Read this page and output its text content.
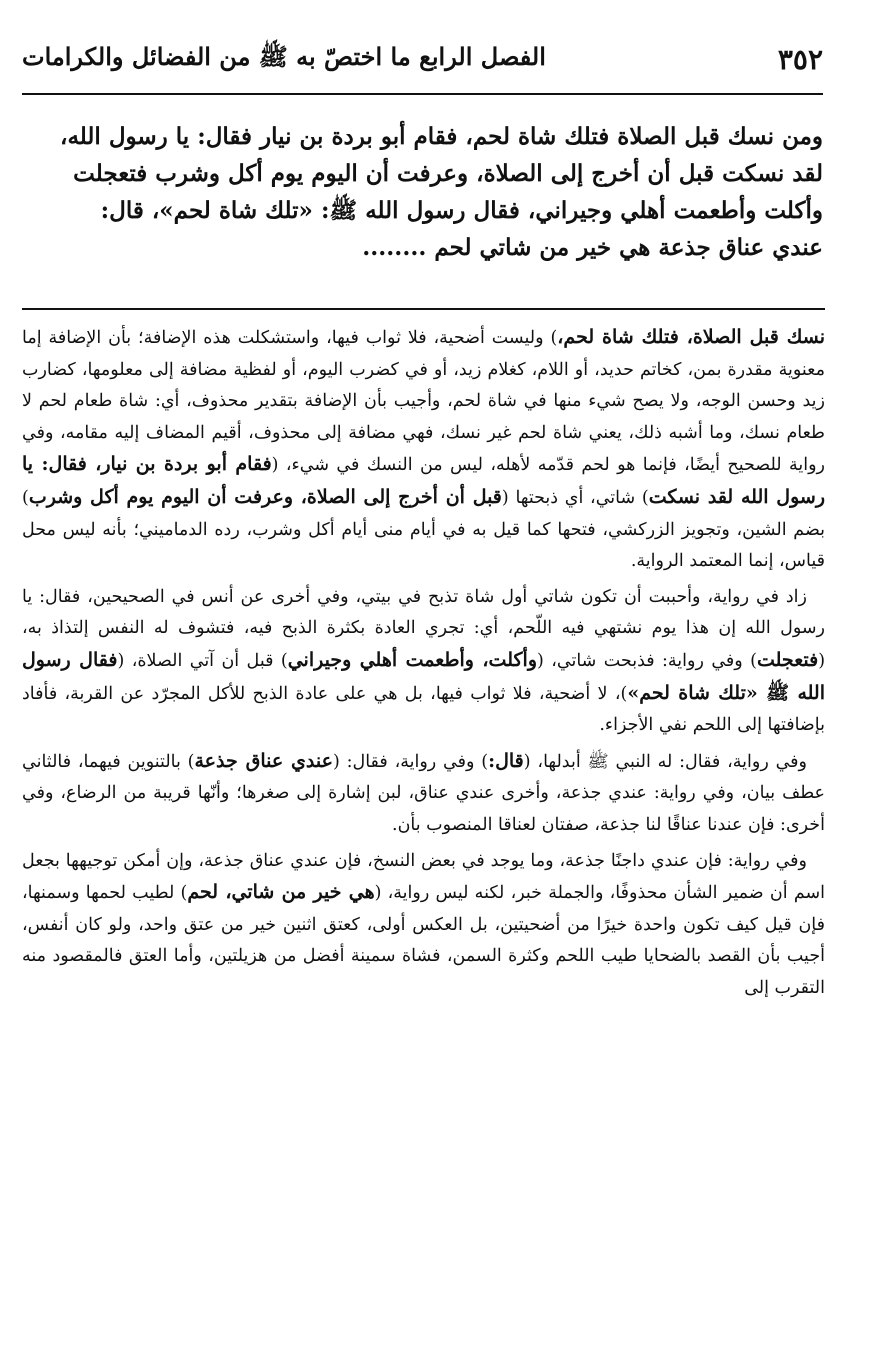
٣٥٢
الفصل الرابع ما اختصّ به ﷺ من الفضائل والكرامات
ومن نسك قبل الصلاة فتلك شاة لحم، فقام أبو بردة بن نيار فقال: يا رسول الله،
لقد نسكت قبل أن أخرج إلى الصلاة، وعرفت أن اليوم يوم أكل وشرب فتعجلت
وأكلت وأطعمت أهلي وجيراني، فقال رسول الله ﷺ: «تلك شاة لحم»، قال:
عندي عناق جذعة هي خير من شاتي لحم ........

نسك قبل الصلاة، فتلك شاة لحم،) وليست أضحية، فلا ثواب فيها، واستشكلت هذه الإضافة؛ بأن الإضافة إما معنوية مقدرة بمن، كخاتم حديد، أو اللام، كغلام زيد، أو في كضرب اليوم، أو لفظية مضافة إلى معلومها، كضارب زيد وحسن الوجه، ولا يصح شيء منها في شاة لحم، وأجيب بأن الإضافة بتقدير محذوف، أي: شاة طعام لحم لا طعام نسك، وما أشبه ذلك، يعني شاة لحم غير نسك، فهي مضافة إلى محذوف، أقيم المضاف إليه مقامه، وفي رواية للصحيح أيضًا، فإنما هو لحم قدّمه لأهله، ليس من النسك في شيء، (فقام أبو بردة بن نيار، فقال: يا رسول الله لقد نسكت) شاتي، أي ذبحتها (قبل أن أخرج إلى الصلاة، وعرفت أن اليوم يوم أكل وشرب) بضم الشين، وتجويز الزركشي، فتحها كما قيل به في أيام منى أيام أكل وشرب، رده الدماميني؛ بأنه ليس محل قياس، إنما المعتمد الرواية.

زاد في رواية، وأحببت أن تكون شاتي أول شاة تذبح في بيتي، وفي أخرى عن أنس في الصحيحين، فقال: يا رسول الله إن هذا يوم نشتهي فيه اللّحم، أي: تجري العادة بكثرة الذبح فيه، فتشوف له النفس إلتذاذ به، (فتعجلت) وفي رواية: فذبحت شاتي، (وأكلت، وأطعمت أهلي وجيراني) قبل أن آتي الصلاة، (فقال رسول الله ﷺ «تلك شاة لحم»)، لا أضحية، فلا ثواب فيها، بل هي على عادة الذبح للأكل المجرّد عن القربة، فأفاد بإضافتها إلى اللحم نفي الأجزاء.

وفي رواية، فقال: له النبي ﷺ أبدلها، (قال:) وفي رواية، فقال: (عندي عناق جذعة) بالتنوين فيهما، فالثاني عطف بيان، وفي رواية: عندي جذعة، وأخرى عندي عناق، لبن إشارة إلى صغرها؛ وأنّها قريبة من الرضاع، وفي أخرى: فإن عندنا عناقًا لنا جذعة، صفتان لعناقا المنصوب بأن.

وفي رواية: فإن عندي داجنًا جذعة، وما يوجد في بعض النسخ، فإن عندي عناق جذعة، وإن أمكن توجيهها بجعل اسم أن ضمير الشأن محذوفًا، والجملة خبر، لكنه ليس رواية، (هي خير من شاتي، لحم) لطيب لحمها وسمنها، فإن قيل كيف تكون واحدة خيرًا من أضحيتين، بل العكس أولى، كعتق اثنين خير من عتق واحد، ولو كان أنفس، أجيب بأن القصد بالضحايا طيب اللحم وكثرة السمن، فشاة سمينة أفضل من هزيلتين، وأما العتق فالمقصود منه التقرب إلى
